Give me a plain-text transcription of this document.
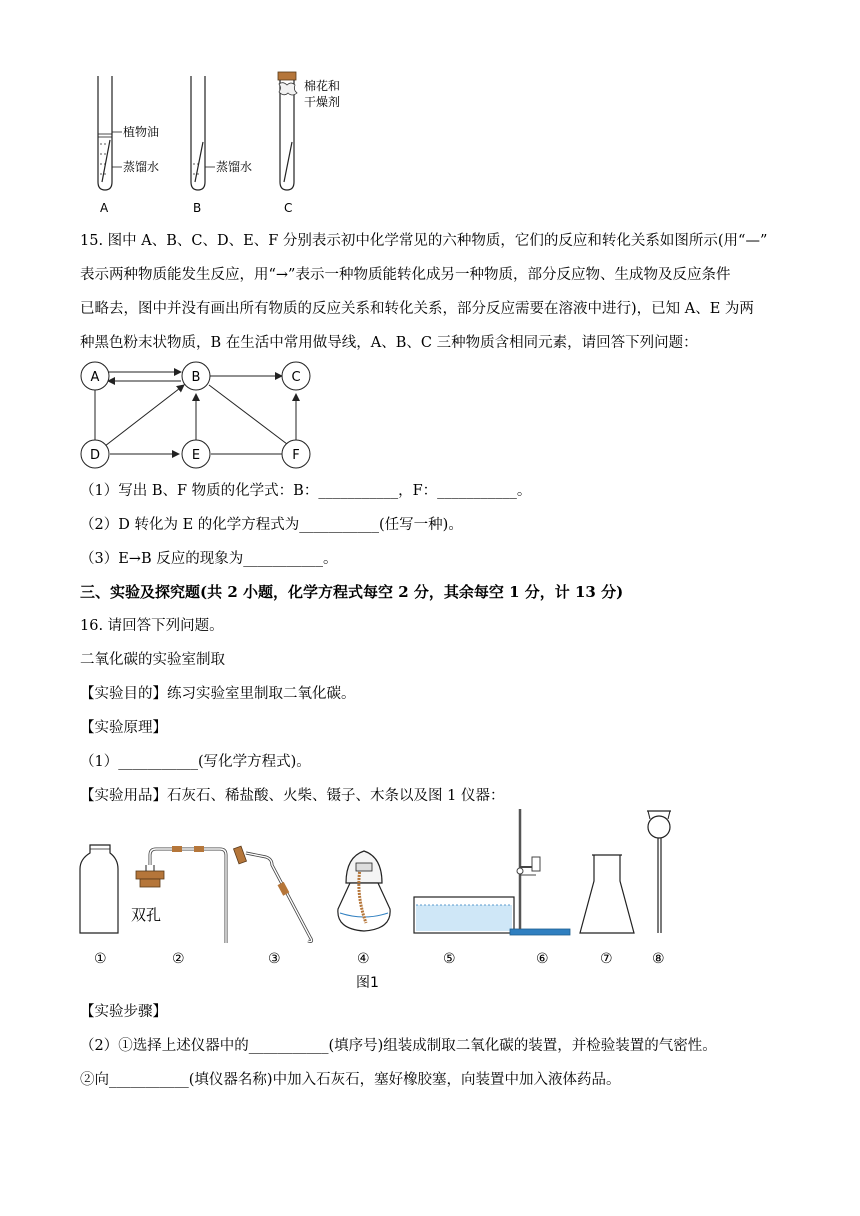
植物油
蒸馏水
A
蒸馏水
B
棉花和
干燥剂
C
15. 图中 A、B、C、D、E、F 分别表示初中化学常见的六种物质，它们的反应和转化关系如图所示(用“—”
表示两种物质能发生反应，用“→”表示一种物质能转化成另一种物质，部分反应物、生成物及反应条件
已略去，图中并没有画出所有物质的反应关系和转化关系，部分反应需要在溶液中进行)，已知 A、E 为两
种黑色粉末状物质，B 在生活中常用做导线，A、B、C 三种物质含相同元素，请回答下列问题：
A	B	C
D	E	F
（1）写出 B、F 物质的化学式：B：___________，F：___________。
（2）D 转化为 E 的化学方程式为___________(任写一种)。
（3）E→B 反应的现象为___________。
三、实验及探究题(共 2 小题，化学方程式每空 2 分，其余每空 1 分，计 13 分)
16. 请回答下列问题。
二氧化碳的实验室制取
【实验目的】练习实验室里制取二氧化碳。
【实验原理】
（1）___________(写化学方程式)。
【实验用品】石灰石、稀盐酸、火柴、镊子、木条以及图 1 仪器：
双孔
①	②	③	④	⑤	⑥	⑦	⑧
图1
【实验步骤】
（2）①选择上述仪器中的___________(填序号)组装成制取二氧化碳的装置，并检验装置的气密性。
②向___________(填仪器名称)中加入石灰石，塞好橡胶塞，向装置中加入液体药品。
